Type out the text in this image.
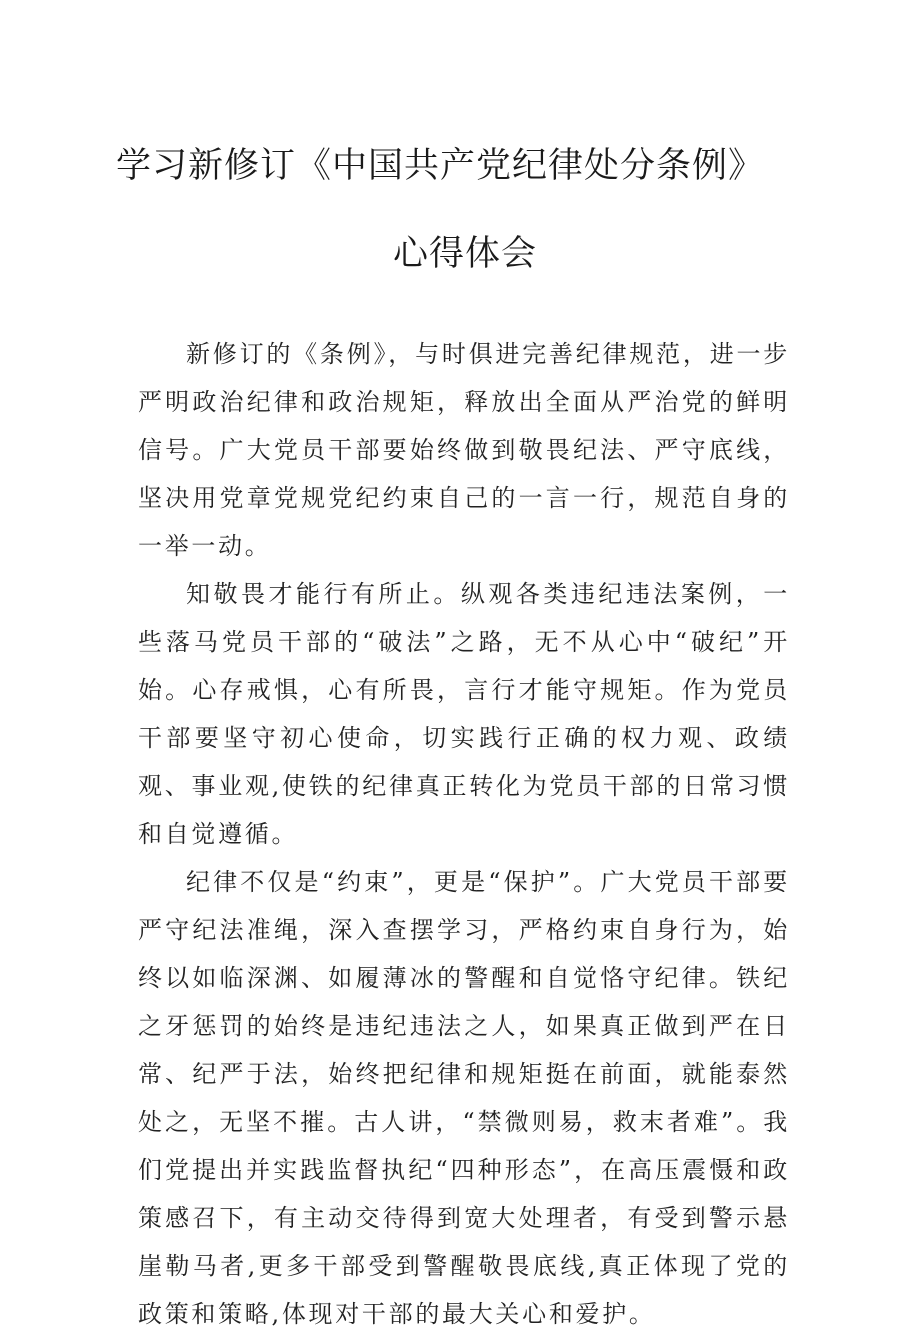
学习新修订《中国共产党纪律处分条例》
心得体会

新修订的《条例》，与时俱进完善纪律规范，进一步严明政治纪律和政治规矩，释放出全面从严治党的鲜明信号。广大党员干部要始终做到敬畏纪法、严守底线，坚决用党章党规党纪约束自己的一言一行，规范自身的一举一动。

知敬畏才能行有所止。纵观各类违纪违法案例，一些落马党员干部的“破法”之路，无不从心中“破纪”开始。心存戒惧，心有所畏，言行才能守规矩。作为党员干部要坚守初心使命，切实践行正确的权力观、政绩观、事业观,使铁的纪律真正转化为党员干部的日常习惯和自觉遵循。

纪律不仅是“约束”，更是“保护”。广大党员干部要严守纪法准绳，深入查摆学习，严格约束自身行为，始终以如临深渊、如履薄冰的警醒和自觉恪守纪律。铁纪之牙惩罚的始终是违纪违法之人，如果真正做到严在日常、纪严于法，始终把纪律和规矩挺在前面，就能泰然处之，无坚不摧。古人讲，“禁微则易，救末者难”。我们党提出并实践监督执纪“四种形态”，在高压震慑和政策感召下，有主动交待得到宽大处理者，有受到警示悬崖勒马者,更多干部受到警醒敬畏底线,真正体现了党的政策和策略,体现对干部的最大关心和爱护。
